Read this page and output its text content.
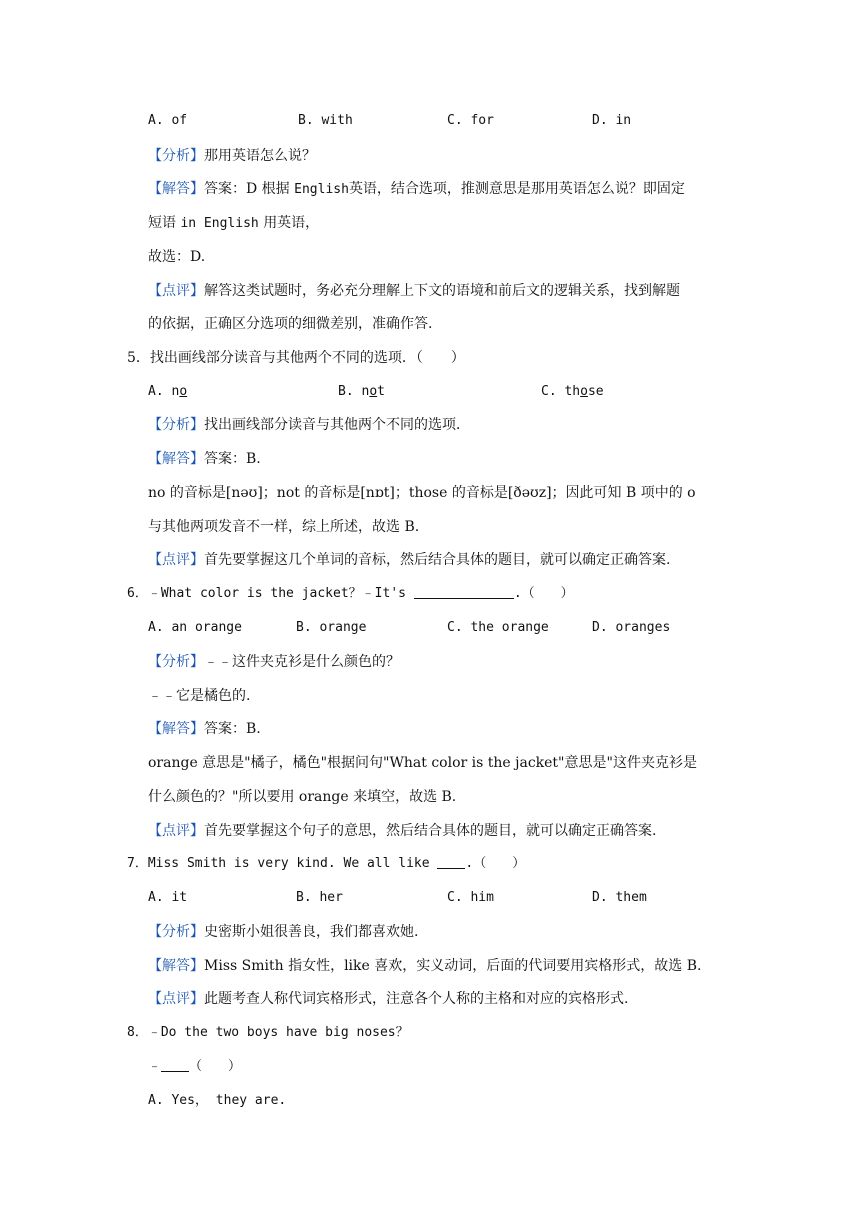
A. of	B. with	C. for	D. in
【分析】那用英语怎么说？
【解答】答案：D 根据 English英语，结合选项，推测意思是那用英语怎么说？即固定
短语 in English 用英语，
故选：D.
【点评】解答这类试题时，务必充分理解上下文的语境和前后文的逻辑关系，找到解题
的依据，正确区分选项的细微差别，准确作答.
5．找出画线部分读音与其他两个不同的选项．（　　）
A. no	B. not	C. those
【分析】找出画线部分读音与其他两个不同的选项．
【解答】答案：B.
no 的音标是[nəʊ]；not 的音标是[nɒt]；those 的音标是[ðəʊz]；因此可知 B 项中的 o
与其他两项发音不一样，综上所述，故选 B.
【点评】首先要掌握这几个单词的音标，然后结合具体的题目，就可以确定正确答案.
6．﹣What color is the jacket？﹣It's	.（　　）
A. an orange	B. orange	C. the orange	D. oranges
【分析】﹣﹣这件夹克衫是什么颜色的？
﹣﹣它是橘色的.
【解答】答案：B.
orange 意思是"橘子，橘色"根据问句"What color is the jacket"意思是"这件夹克衫是
什么颜色的？"所以要用 orange 来填空，故选 B.
【点评】首先要掌握这个句子的意思，然后结合具体的题目，就可以确定正确答案.
7．Miss Smith is very kind. We all like	.（　　）
A. it	B. her	C. him	D. them
【分析】史密斯小姐很善良，我们都喜欢她.
【解答】Miss Smith 指女性，like 喜欢，实义动词，后面的代词要用宾格形式，故选 B.
【点评】此题考查人称代词宾格形式，注意各个人称的主格和对应的宾格形式.
8．﹣Do the two boys have big noses？
﹣ （　　）
A. Yes， they are.
